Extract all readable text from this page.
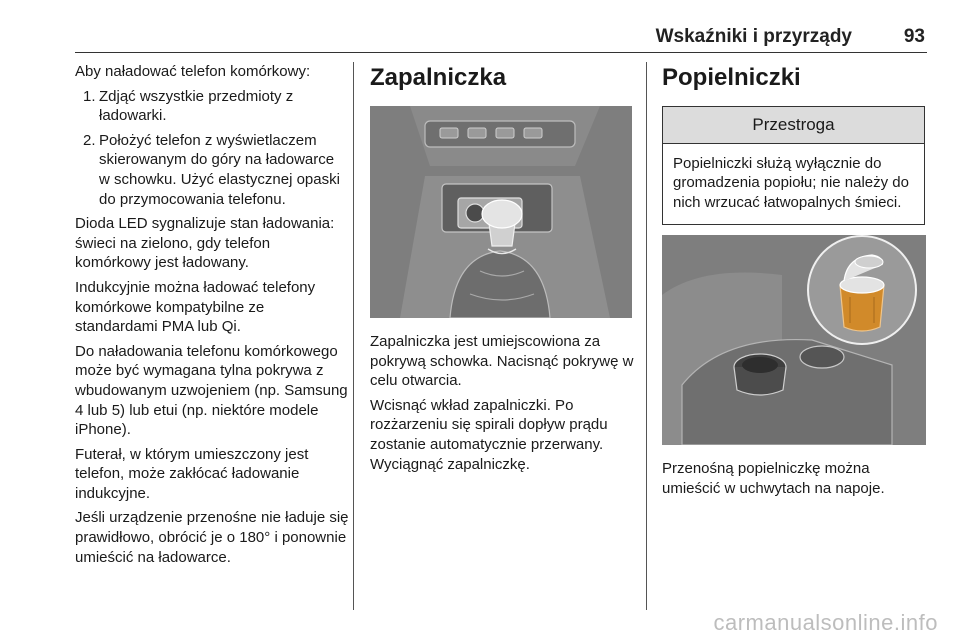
Wskaźniki i przyrządy	93

Aby naładować telefon komórkowy:

1. Zdjąć wszystkie przedmioty z ładowarki.
2. Położyć telefon z wyświetlaczem skierowanym do góry na ładowarce w schowku. Użyć elastycznej opaski do przymocowania telefonu.

Dioda LED sygnalizuje stan ładowania: świeci na zielono, gdy telefon komórkowy jest ładowany.

Indukcyjnie można ładować telefony komórkowe kompatybilne ze standardami PMA lub Qi.

Do naładowania telefonu komórkowego może być wymagana tylna pokrywa z wbudowanym uzwojeniem (np. Samsung 4 lub 5) lub etui (np. niektóre modele iPhone).

Futerał, w którym umieszczony jest telefon, może zakłócać ładowanie indukcyjne.

Jeśli urządzenie przenośne nie ładuje się prawidłowo, obrócić je o 180° i ponownie umieścić na ładowarce.

Zapalniczka

Zapalniczka jest umiejscowiona za pokrywą schowka. Nacisnąć pokrywę w celu otwarcia.

Wcisnąć wkład zapalniczki. Po rozżarzeniu się spirali dopływ prądu zostanie automatycznie przerwany. Wyciągnąć zapalniczkę.

Popielniczki
Przestroga
Popielniczki służą wyłącznie do gromadzenia popiołu; nie należy do nich wrzucać łatwopalnych śmieci.

Przenośną popielniczkę można umieścić w uchwytach na napoje.

carmanualsonline.info
